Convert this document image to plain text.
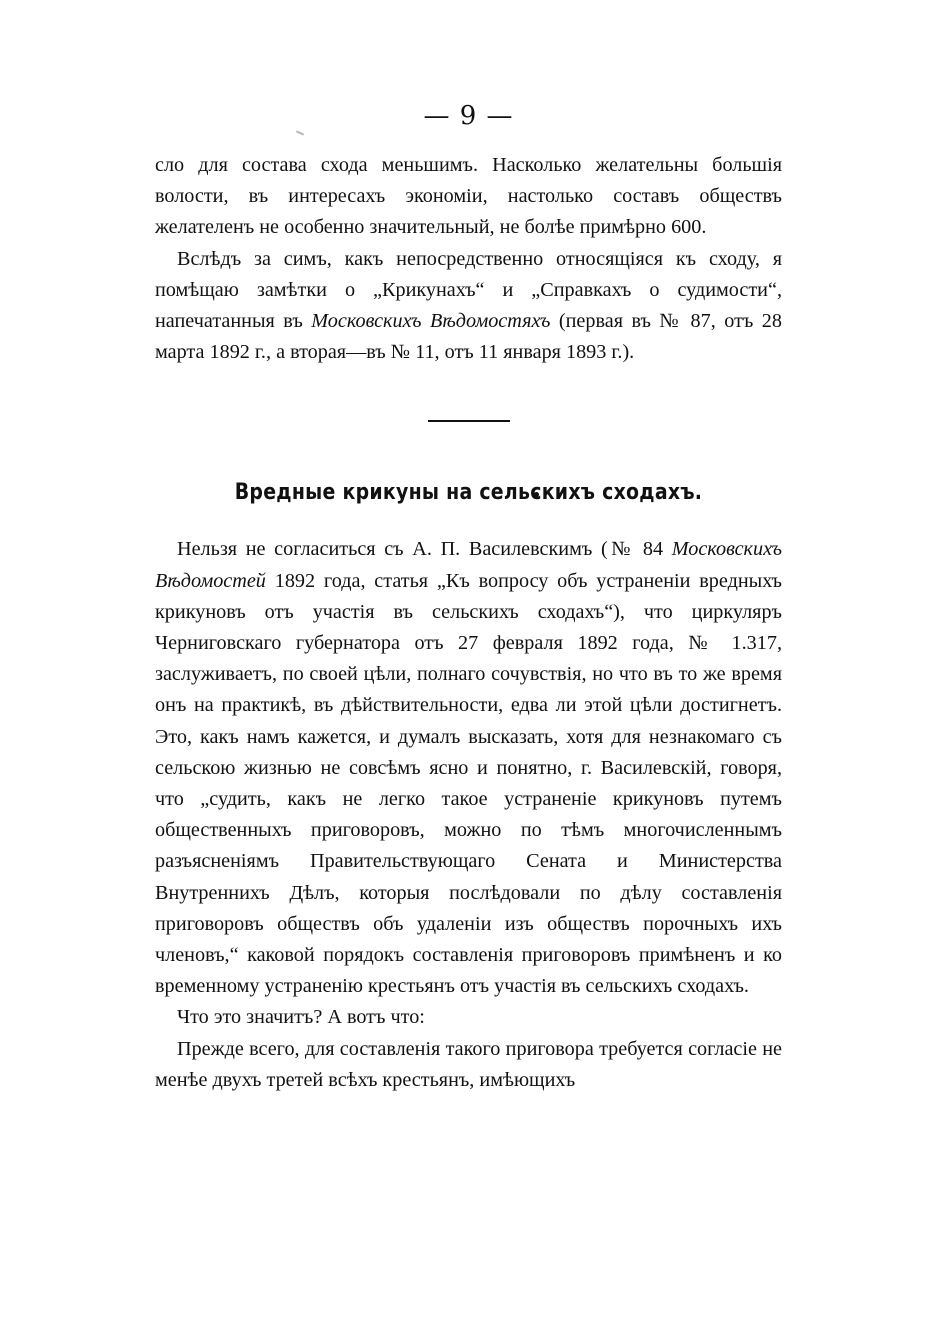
— 9 —

сло для состава схода меньшимъ. Насколько желательны большія волости, въ интересахъ экономіи, настолько составъ обществъ желателенъ не особенно значительный, не болѣе примѣрно 600.

Вслѣдъ за симъ, какъ непосредственно относящіяся къ сходу, я помѣщаю замѣтки о „Крикунахъ“ и „Справкахъ о судимости“, напечатанныя въ Московскихъ Вѣдомостяхъ (первая въ № 87, отъ 28 марта 1892 г., а вторая—въ № 11, отъ 11 января 1893 г.).

Вредные крикуны на сельскихъ сходахъ.

Нельзя не согласиться съ А. П. Василевскимъ (№ 84 Московскихъ Вѣдомостей 1892 года, статья „Къ вопросу объ устраненіи вредныхъ крикуновъ отъ участія въ сельскихъ сходахъ“), что циркуляръ Черниговскаго губернатора отъ 27 февраля 1892 года, № 1.317, заслуживаетъ, по своей цѣли, полнаго сочувствія, но что въ то же время онъ на практикѣ, въ дѣйствительности, едва ли этой цѣли достигнетъ. Это, какъ намъ кажется, и думалъ высказать, хотя для незнакомаго съ сельскою жизнью не совсѣмъ ясно и понятно, г. Василевскій, говоря, что „судить, какъ не легко такое устраненіе крикуновъ путемъ общественныхъ приговоровъ, можно по тѣмъ многочисленнымъ разъясненіямъ Правительствующаго Сената и Министерства Внутреннихъ Дѣлъ, которыя послѣдовали по дѣлу составленія приговоровъ обществъ объ удаленіи изъ обществъ порочныхъ ихъ членовъ,“ каковой порядокъ составленія приговоровъ примѣненъ и ко временному устраненію крестьянъ отъ участія въ сельскихъ сходахъ.

Что это значитъ? А вотъ что:

Прежде всего, для составленія такого приговора требуется согласіе не менѣе двухъ третей всѣхъ крестьянъ, имѣющихъ
